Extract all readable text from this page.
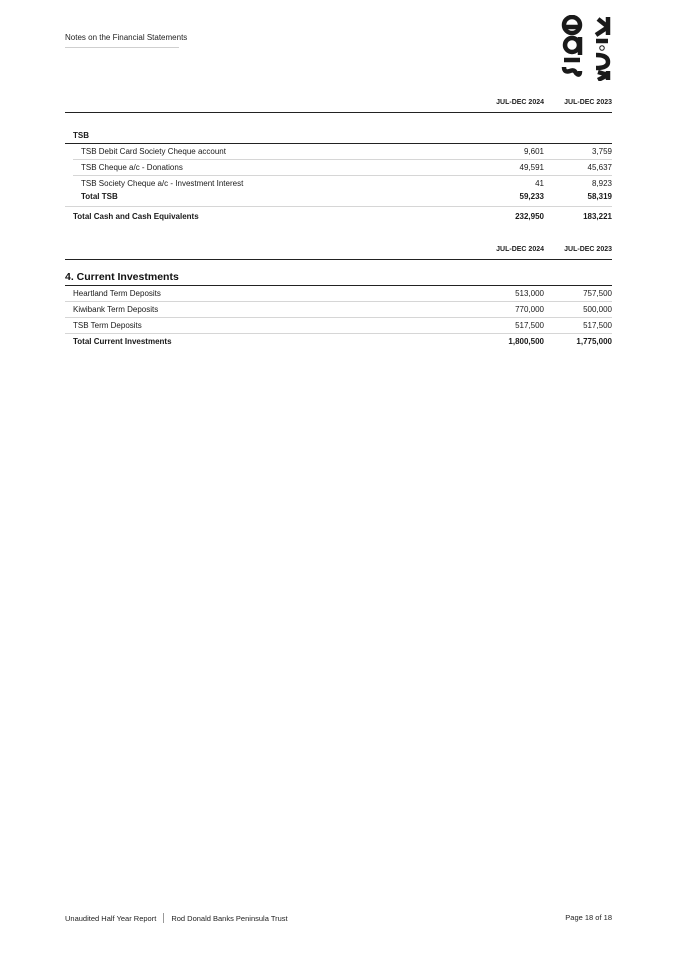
Notes on the Financial Statements
JUL-DEC 2024	JUL-DEC 2023
TSB
TSB Debit Card Society Cheque account	9,601	3,759
TSB Cheque a/c - Donations	49,591	45,637
TSB Society Cheque a/c - Investment Interest	41	8,923
Total TSB	59,233	58,319
Total Cash and Cash Equivalents	232,950	183,221
JUL-DEC 2024	JUL-DEC 2023
4. Current Investments
Heartland Term Deposits	513,000	757,500
Kiwibank Term Deposits	770,000	500,000
TSB Term Deposits	517,500	517,500
Total Current Investments	1,800,500	1,775,000
Unaudited Half Year Report Rod Donald Banks Peninsula Trust	Page 18 of 18
